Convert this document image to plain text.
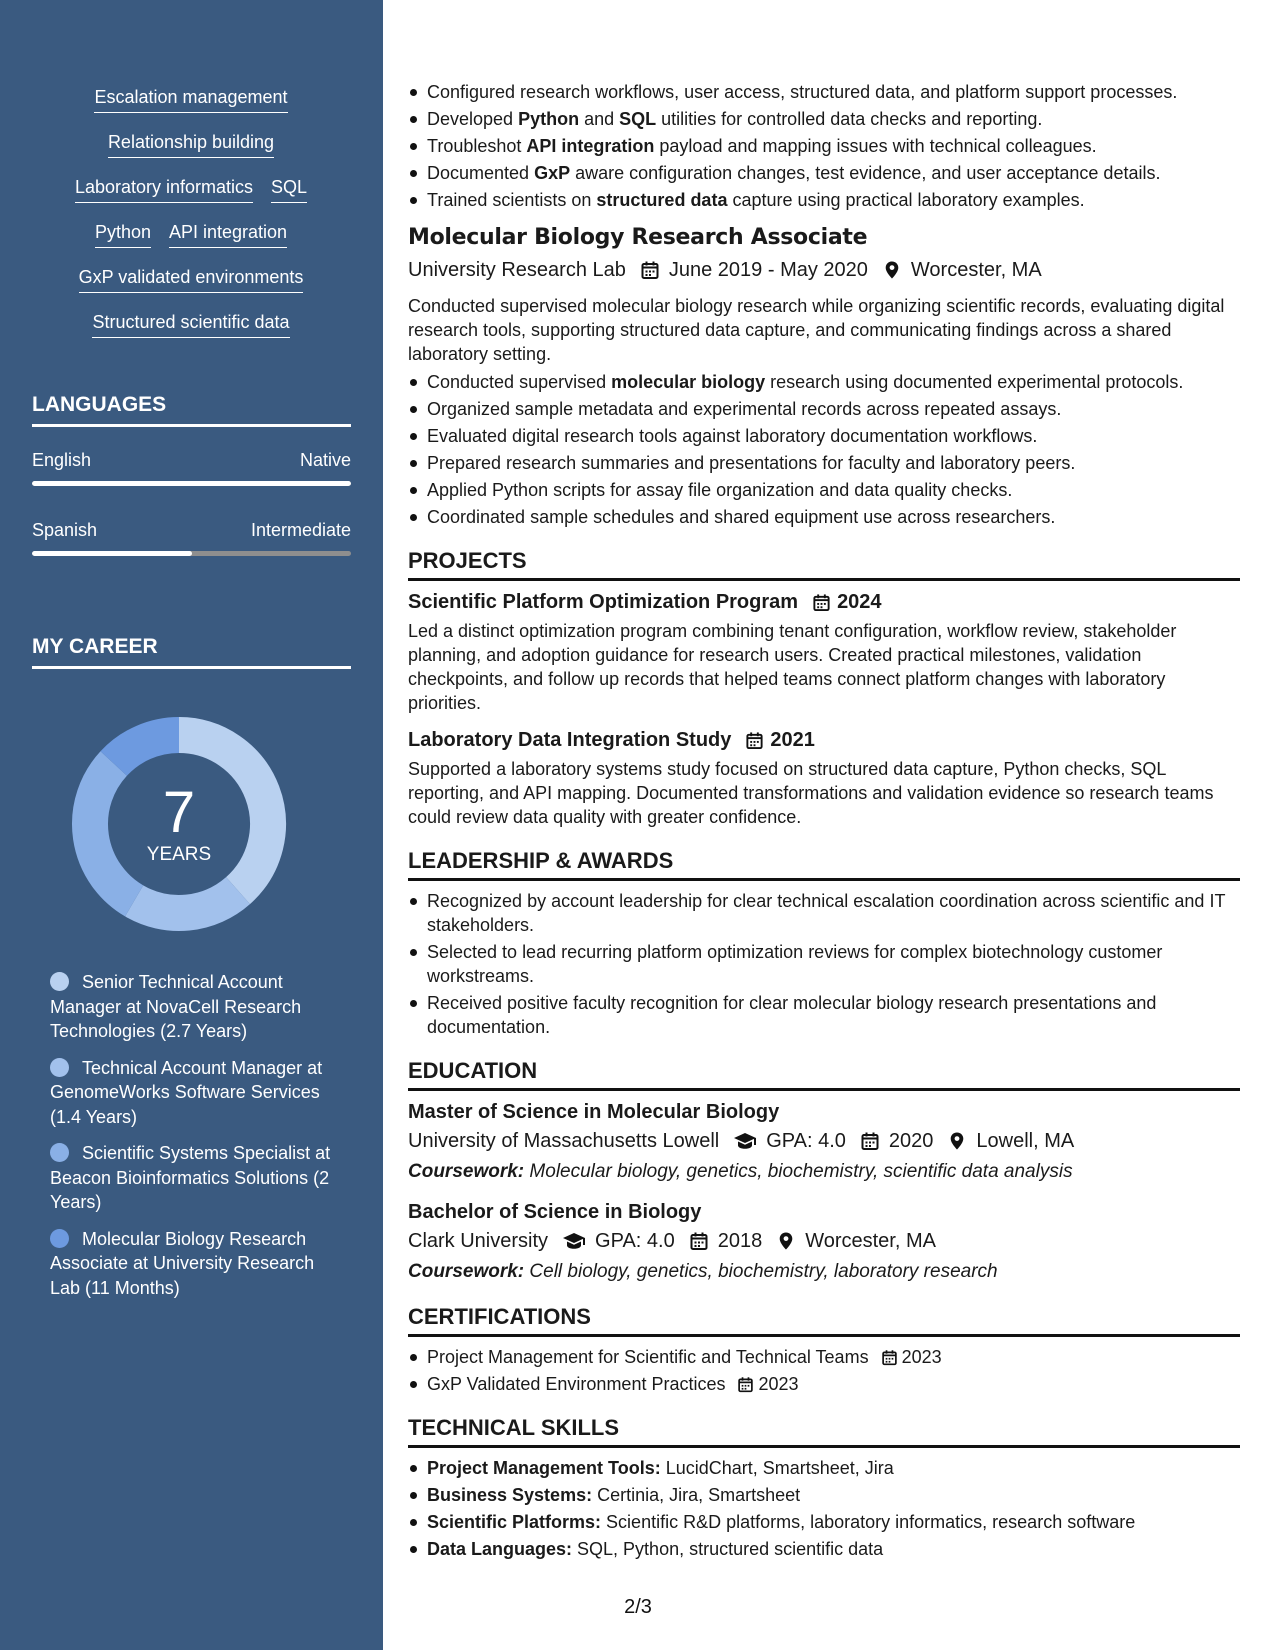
Escalation management
Relationship building
Laboratory informatics SQL
Python API integration
GxP validated environments
Structured scientific data
LANGUAGES
English	Native
Spanish	Intermediate
MY CAREER
7
YEARS
Senior Technical Account Manager at NovaCell Research Technologies (2.7 Years)
Technical Account Manager at GenomeWorks Software Services (1.4 Years)
Scientific Systems Specialist at Beacon Bioinformatics Solutions (2 Years)
Molecular Biology Research Associate at University Research Lab (11 Months)
Configured research workflows, user access, structured data, and platform support processes.
Developed Python and SQL utilities for controlled data checks and reporting.
Troubleshot API integration payload and mapping issues with technical colleagues.
Documented GxP aware configuration changes, test evidence, and user acceptance details.
Trained scientists on structured data capture using practical laboratory examples.
Molecular Biology Research Associate
University Research Lab June 2019 - May 2020 Worcester, MA
Conducted supervised molecular biology research while organizing scientific records, evaluating digital research tools, supporting structured data capture, and communicating findings across a shared laboratory setting.
Conducted supervised molecular biology research using documented experimental protocols.
Organized sample metadata and experimental records across repeated assays.
Evaluated digital research tools against laboratory documentation workflows.
Prepared research summaries and presentations for faculty and laboratory peers.
Applied Python scripts for assay file organization and data quality checks.
Coordinated sample schedules and shared equipment use across researchers.
PROJECTS
Scientific Platform Optimization Program 2024
Led a distinct optimization program combining tenant configuration, workflow review, stakeholder planning, and adoption guidance for research users. Created practical milestones, validation checkpoints, and follow up records that helped teams connect platform changes with laboratory priorities.
Laboratory Data Integration Study 2021
Supported a laboratory systems study focused on structured data capture, Python checks, SQL reporting, and API mapping. Documented transformations and validation evidence so research teams could review data quality with greater confidence.
LEADERSHIP & AWARDS
Recognized by account leadership for clear technical escalation coordination across scientific and IT stakeholders.
Selected to lead recurring platform optimization reviews for complex biotechnology customer workstreams.
Received positive faculty recognition for clear molecular biology research presentations and documentation.
EDUCATION
Master of Science in Molecular Biology
University of Massachusetts Lowell GPA: 4.0 2020 Lowell, MA
Coursework: Molecular biology, genetics, biochemistry, scientific data analysis
Bachelor of Science in Biology
Clark University GPA: 4.0 2018 Worcester, MA
Coursework: Cell biology, genetics, biochemistry, laboratory research
CERTIFICATIONS
Project Management for Scientific and Technical Teams 2023
GxP Validated Environment Practices 2023
TECHNICAL SKILLS
Project Management Tools: LucidChart, Smartsheet, Jira
Business Systems: Certinia, Jira, Smartsheet
Scientific Platforms: Scientific R&D platforms, laboratory informatics, research software
Data Languages: SQL, Python, structured scientific data
2/3
